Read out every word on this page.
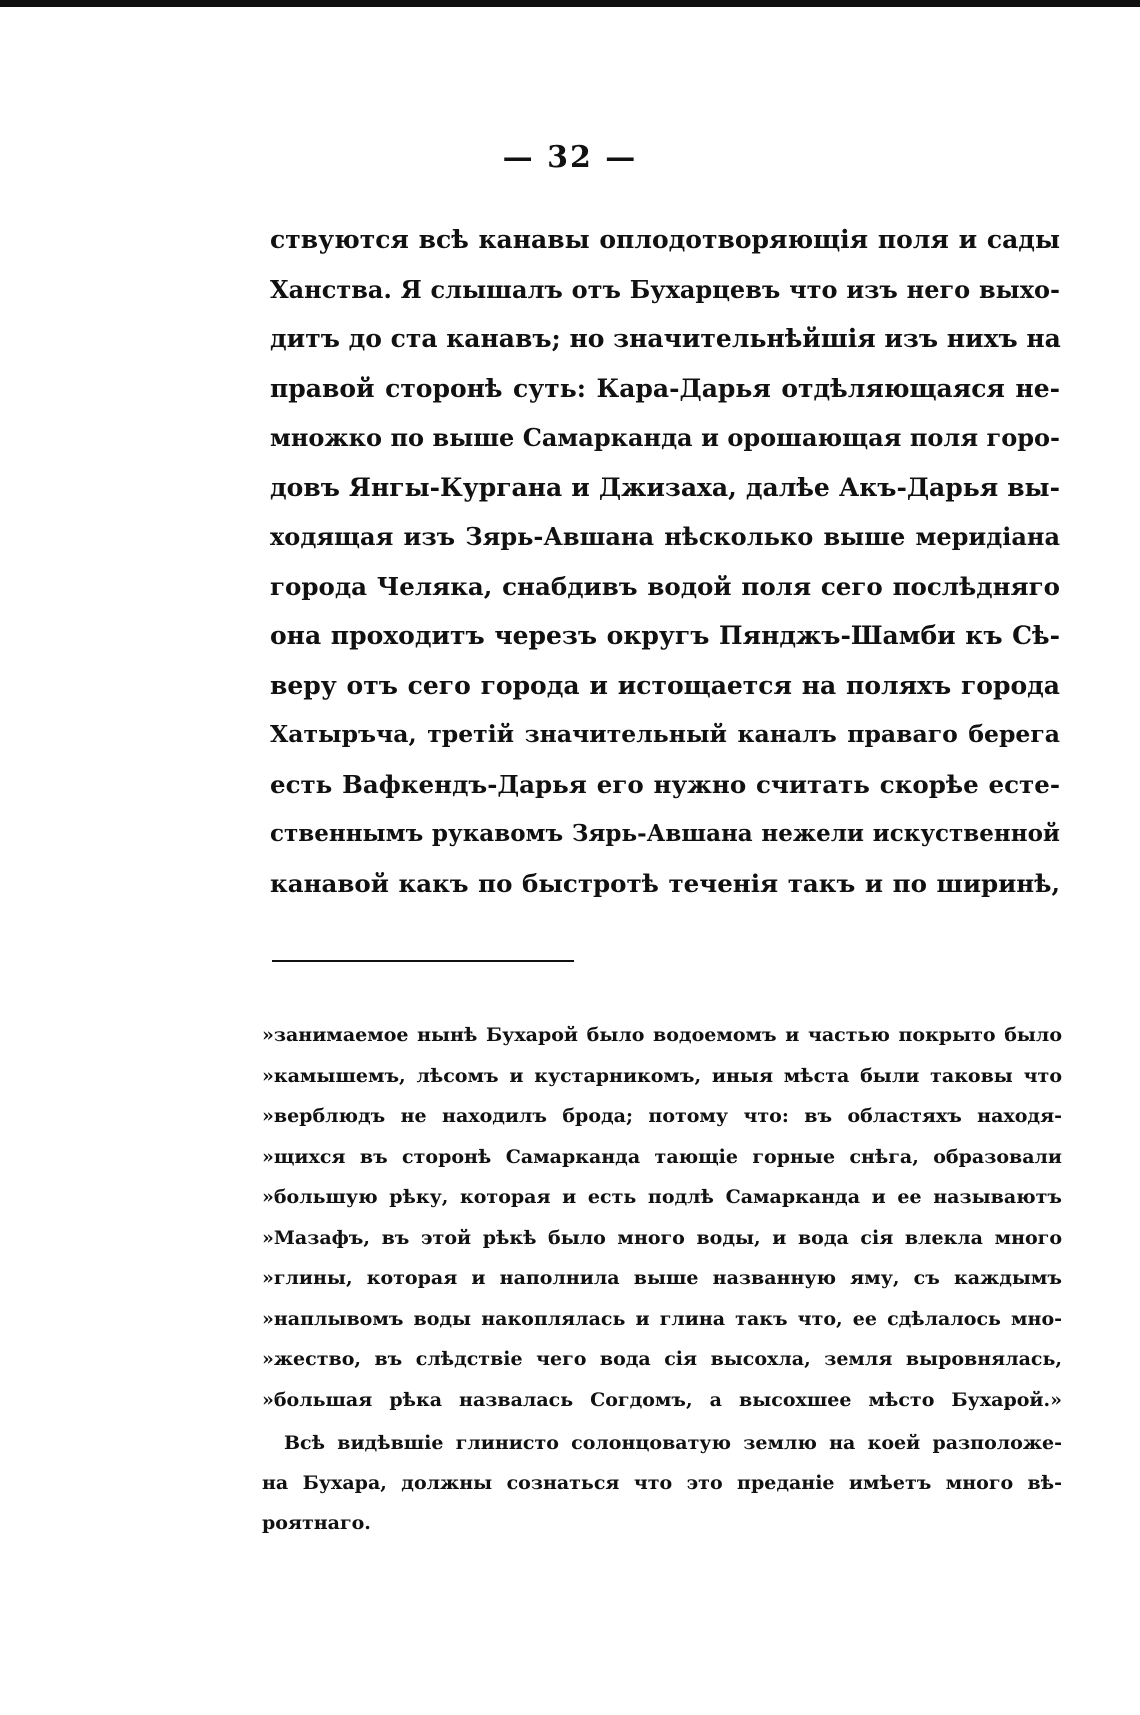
— 32 —
ствуются всѣ канавы оплодотворяющія поля и сады
Ханства. Я слышалъ отъ Бухарцевъ что изъ него выхо-
дитъ до ста канавъ; но значительнѣйшія изъ нихъ на
правой сторонѣ суть: Кара-Дарья отдѣляющаяся не-
множко по выше Самарканда и орошающая поля горо-
довъ Янгы-Кургана и Джизаха, далѣе Акъ-Дарья вы-
ходящая изъ Зярь-Авшана нѣсколько выше меридіана
города Челяка, снабдивъ водой поля сего послѣдняго
она проходитъ черезъ округъ Пянджъ-Шамби къ Сѣ-
веру отъ сего города и истощается на поляхъ города
Хатыръча, третій значительный каналъ праваго берега
есть Вафкендъ-Дарья его нужно считать скорѣе есте-
ственнымъ рукавомъ Зярь-Авшана нежели искуственной
канавой какъ по быстротѣ теченія такъ и по ширинѣ,
»занимаемое нынѣ Бухарой было водоемомъ и частью покрыто было
»камышемъ, лѣсомъ и кустарникомъ, иныя мѣста были таковы что
»верблюдъ не находилъ брода; потому что: въ областяхъ находя-
»щихся въ сторонѣ Самарканда тающіе горные снѣга, образовали
»большую рѣку, которая и есть подлѣ Самарканда и ее называютъ
»Мазафъ, въ этой рѣкѣ было много воды, и вода сія влекла много
»глины, которая и наполнила выше названную яму, съ каждымъ
»наплывомъ воды накоплялась и глина такъ что, ее сдѣлалось мно-
»жество, въ слѣдствіе чего вода сія высохла, земля выровнялась,
»большая рѣка назвалась Согдомъ, а высохшее мѣсто Бухарой.»
Всѣ видѣвшіе глинисто солонцоватую землю на коей разположе-
на Бухара, должны сознаться что это преданіе имѣетъ много вѣ-
роятнаго.
